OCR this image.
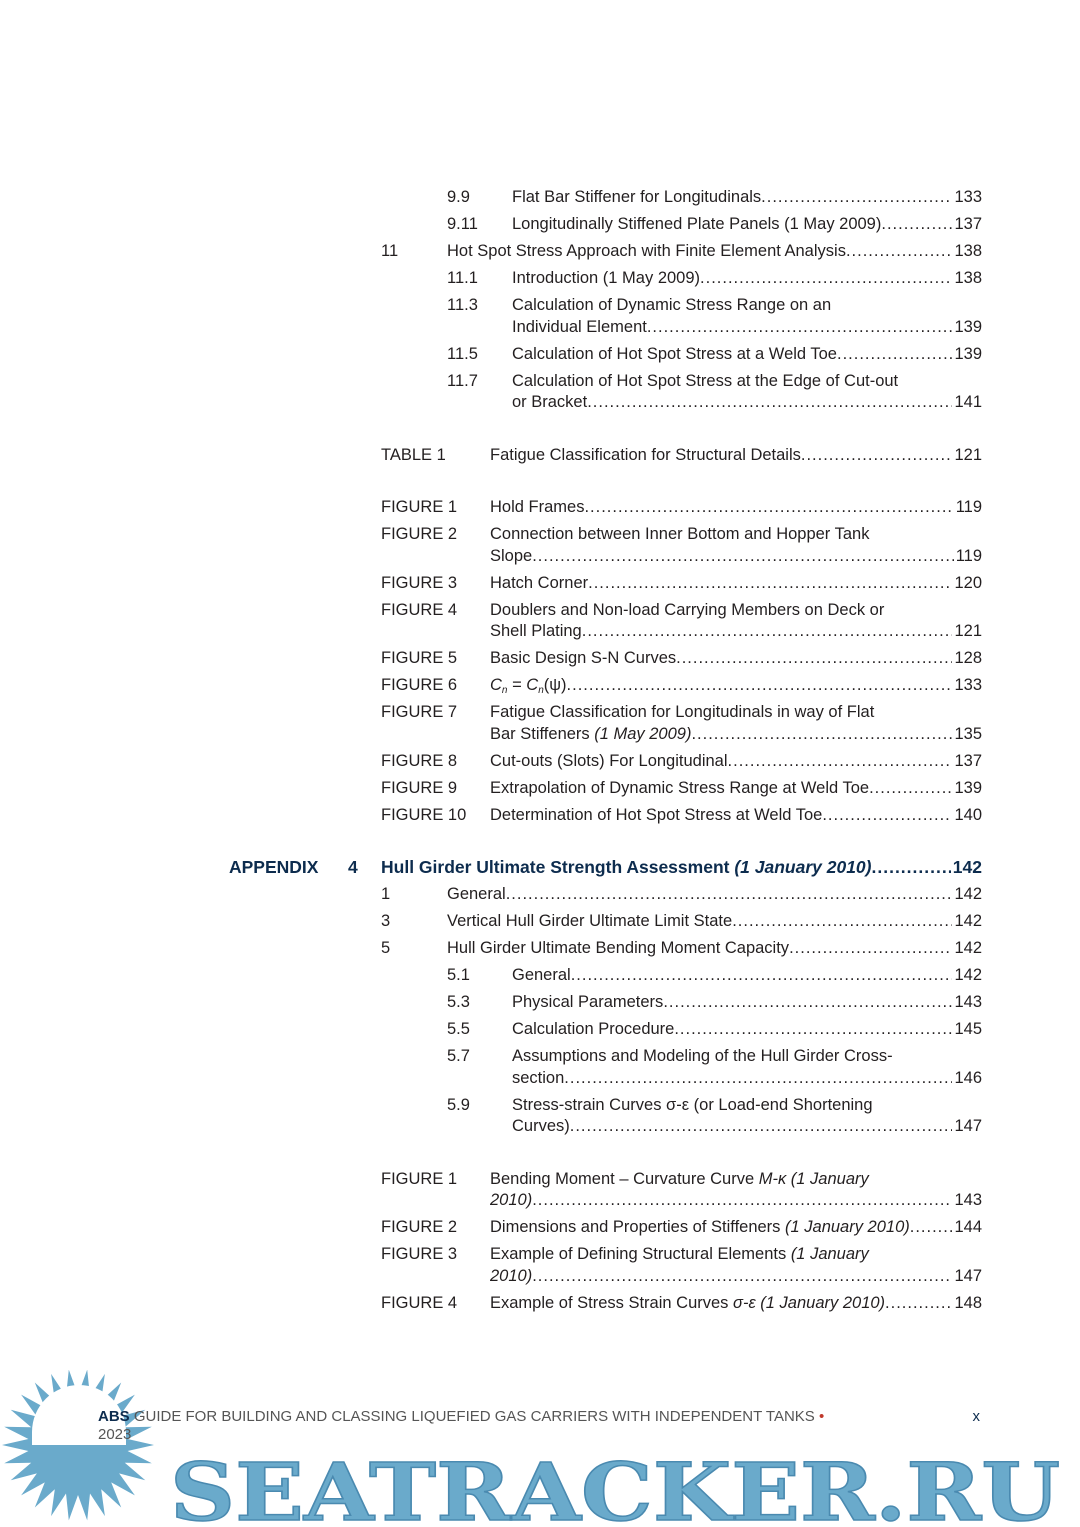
SEATRACKER.RU
9.9	Flat Bar Stiffener for Longitudinals .....	133
9.11 Longitudinally Stiffened Plate Panels (1 May 2009) .....	137
11	Hot Spot Stress Approach with Finite Element Analysis .....	138
11.1 Introduction (1 May 2009) .....	138
11.3 Calculation of Dynamic Stress Range on an
Individual Element .....	139
11.5 Calculation of Hot Spot Stress at a Weld Toe .....	139
11.7 Calculation of Hot Spot Stress at the Edge of Cut-out
or Bracket .....	141
TABLE 1	Fatigue Classification for Structural Details .....	121
FIGURE 1 Hold Frames .....	119
FIGURE 2 Connection between Inner Bottom and Hopper Tank
Slope .....	119
FIGURE 3 Hatch Corner .....	120
FIGURE 4 Doublers and Non-load Carrying Members on Deck or
Shell Plating .....	121
FIGURE 5 Basic Design S-N Curves .....	128
FIGURE 6 $C_n = C_n(\psi)$ .....	133
FIGURE 7 Fatigue Classification for Longitudinals in way of Flat
Bar Stiffeners (1 May 2009) .....	135
FIGURE 8 Cut-outs (Slots) For Longitudinal .....	137
FIGURE 9 Extrapolation of Dynamic Stress Range at Weld Toe .....	139
FIGURE 10 Determination of Hot Spot Stress at Weld Toe .....	140
APPENDIX 4 Hull Girder Ultimate Strength Assessment (1 January 2010) .....	142
1	General .....	142
3	Vertical Hull Girder Ultimate Limit State .....	142
5	Hull Girder Ultimate Bending Moment Capacity .....	142
5.1	General .....	142
5.3	Physical Parameters .....	143
5.5	Calculation Procedure .....	145
5.7	Assumptions and Modeling of the Hull Girder Cross-
section .....	146
5.9	Stress-strain Curves σ-ε (or Load-end Shortening
Curves) .....	147
FIGURE 1 Bending Moment – Curvature Curve M-κ (1 January
2010) .....	143
FIGURE 2 Dimensions and Properties of Stiffeners (1 January 2010) .....	144
FIGURE 3 Example of Defining Structural Elements (1 January
2010) .....	147
FIGURE 4 Example of Stress Strain Curves σ-ε (1 January 2010) .....	148
ABS GUIDE FOR BUILDING AND CLASSING LIQUEFIED GAS CARRIERS WITH INDEPENDENT TANKS •
2023
x
